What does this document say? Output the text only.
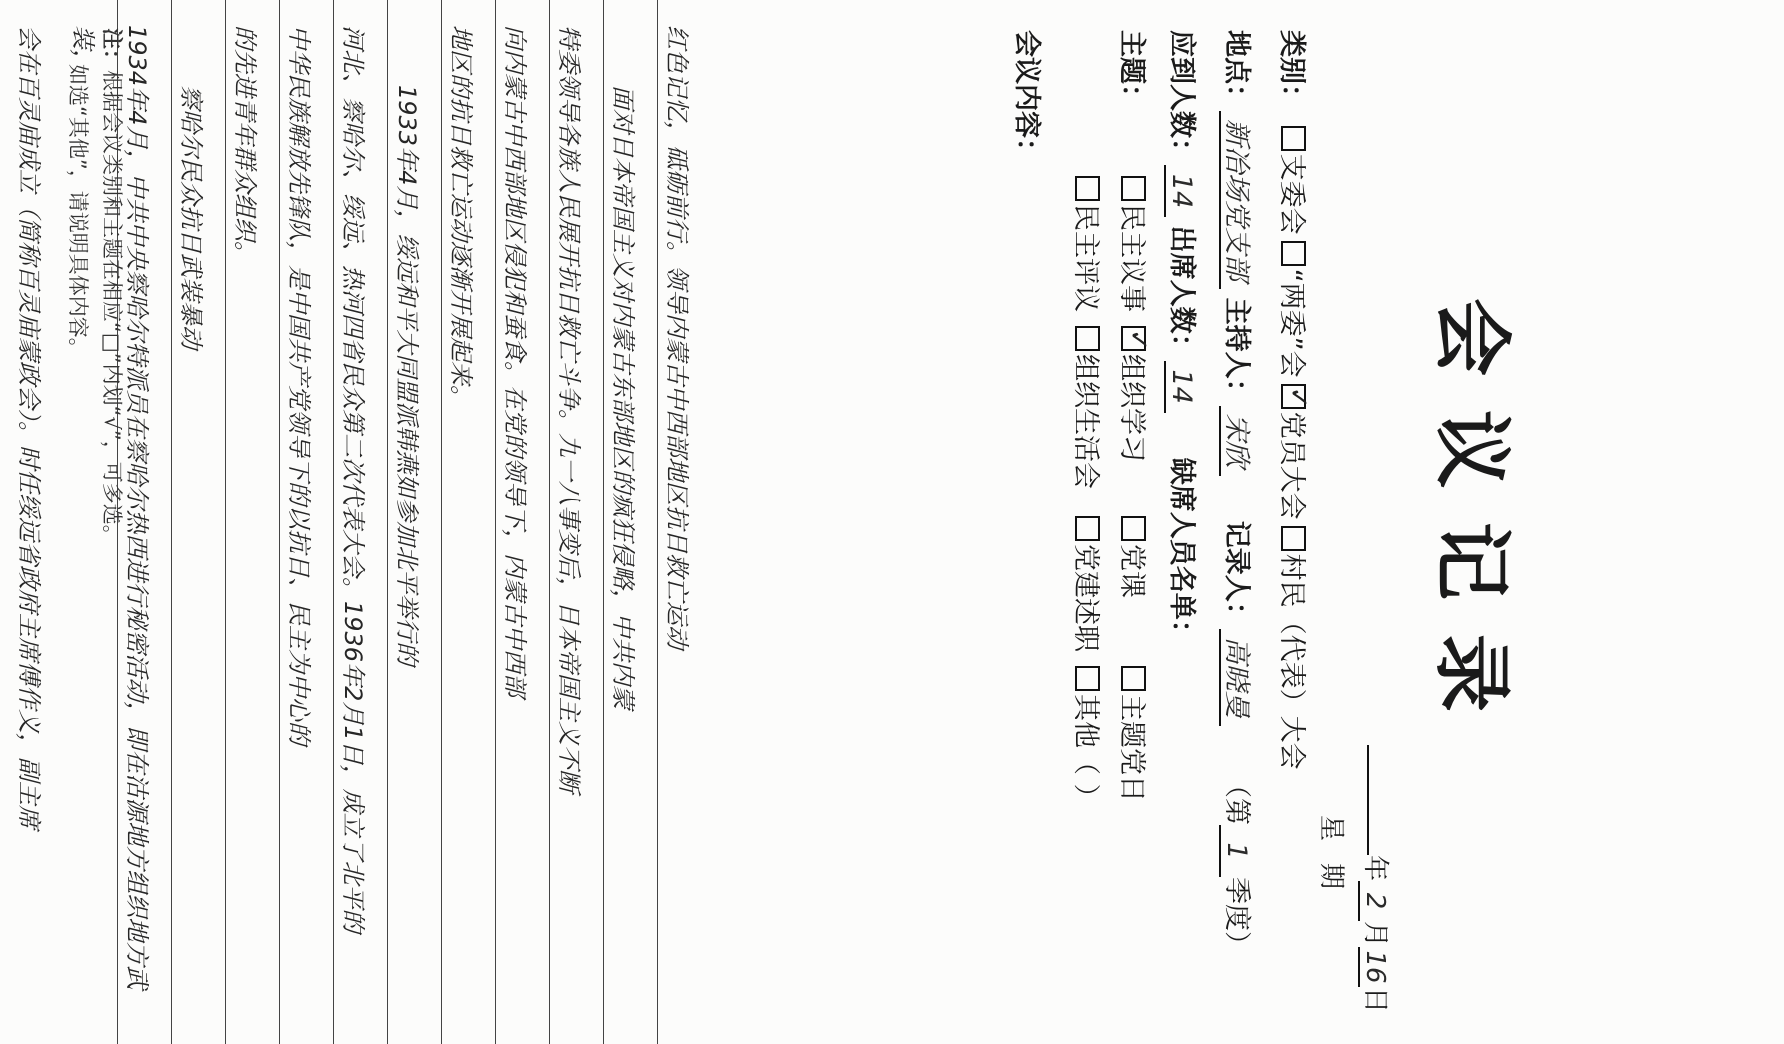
会议记录
年2月16日
星期
类别： 支委会“两委”会✓党员大会村民（代表）大会
地点：新冶场党支部 主持人：宋欣  记录人：高晓曼  （第1季度）
应到人数：14 出席人数：14  缺席人员名单：
主题：
民主议事✓组织学习党课主题党日
民主评议组织生活会党建述职其他（ ）
会议内容：

红色记忆，砥砺前行。领导内蒙古中西部地区抗日救亡运动

面对日本帝国主义对内蒙古东部地区的疯狂侵略，中共内蒙

特委领导各族人民展开抗日救亡斗争。九一八事变后，日本帝国主义不断

向内蒙古中西部地区侵犯和蚕食。在党的领导下，内蒙古中西部

地区的抗日救亡运动逐渐开展起来。

1933年4月，绥远和平大同盟派韩燕如参加北平举行的

河北、察哈尔、绥远、热河四省民众第二次代表大会。1936年2月1日，成立了北平的

中华民族解放先锋队，是中国共产党领导下的以抗日、民主为中心的

的先进青年群众组织。

察哈尔民众抗日武装暴动

1934年4月，中共中央察哈尔特派员在察哈尔热西进行秘密活动，即在沽源地方组织地方武装，

会在百灵庙成立（简称百灵庙蒙政会）。时任绥远省政府主席傅作义，副主席	注：根据会议类别和主题在相应“□”内划“√”，可多选。
如选“其他”，请说明具体内容。
